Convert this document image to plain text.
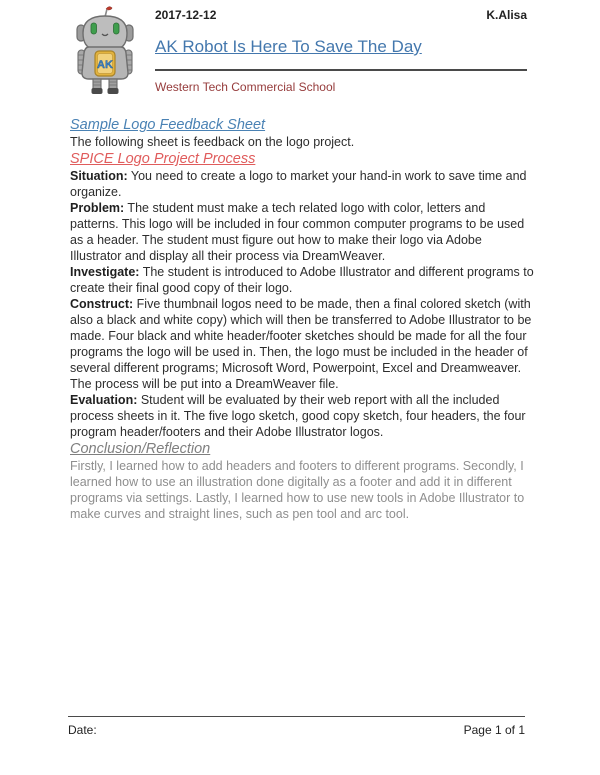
AK
2017-12-12	K.Alisa
AK Robot Is Here To Save The Day
Western Tech Commercial School
Sample Logo Feedback Sheet

The following sheet is feedback on the logo project.

SPICE Logo Project Process

Situation: You need to create a logo to market your hand-in work to save time and organize.

Problem: The student must make a tech related logo with color, letters and patterns. This logo will be included in four common computer programs to be used as a header. The student must figure out how to make their logo via Adobe Illustrator and display all their process via DreamWeaver.

Investigate: The student is introduced to Adobe Illustrator and different programs to create their final good copy of their logo.

Construct: Five thumbnail logos need to be made, then a final colored sketch (with also a black and white copy) which will then be transferred to Adobe Illustrator to be made. Four black and white header/footer sketches should be made for all the four programs the logo will be used in. Then, the logo must be included in the header of several different programs; Microsoft Word, Powerpoint, Excel and Dreamweaver. The process will be put into a DreamWeaver file.

Evaluation: Student will be evaluated by their web report with all the included process sheets in it. The five logo sketch, good copy sketch, four headers, the four program header/footers and their Adobe Illustrator logos.

Conclusion/Reflection

Firstly, I learned how to add headers and footers to different programs. Secondly, I learned how to use an illustration done digitally as a footer and add it in different programs via settings. Lastly, I learned how to use new tools in Adobe Illustrator to make curves and straight lines, such as pen tool and arc tool.

Date:	Page 1 of 1
